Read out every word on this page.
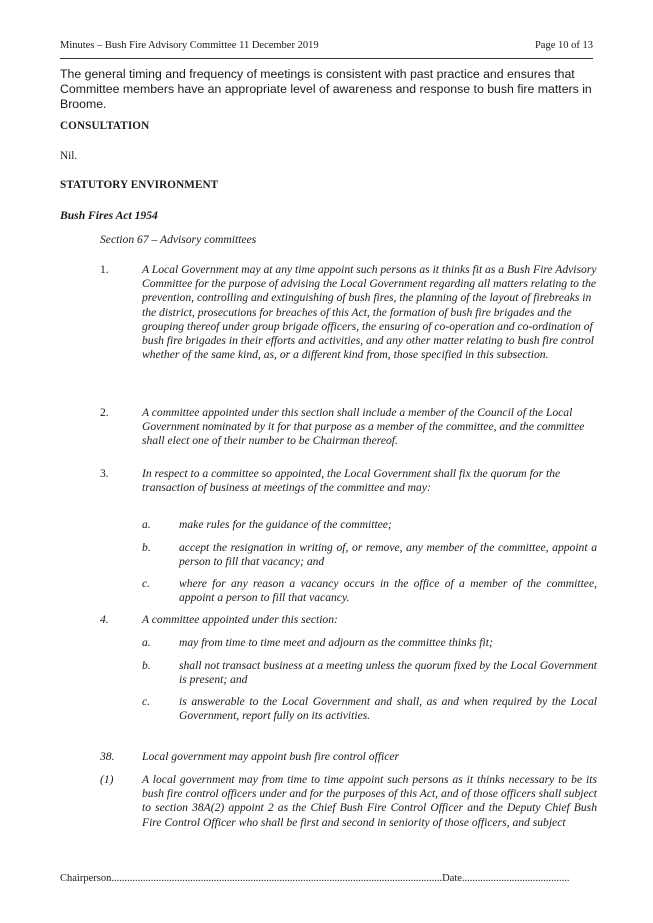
Minutes – Bush Fire Advisory Committee 11 December 2019	Page 10 of 13
The general timing and frequency of meetings is consistent with past practice and ensures that Committee members have an appropriate level of awareness and response to bush fire matters in Broome.
CONSULTATION
Nil.
STATUTORY ENVIRONMENT
Bush Fires Act 1954
Section 67 – Advisory committees
1.	A Local Government may at any time appoint such persons as it thinks fit as a Bush Fire Advisory Committee for the purpose of advising the Local Government regarding all matters relating to the prevention, controlling and extinguishing of bush fires, the planning of the layout of firebreaks in the district, prosecutions for breaches of this Act, the formation of bush fire brigades and the grouping thereof under group brigade officers, the ensuring of co-operation and co-ordination of bush fire brigades in their efforts and activities, and any other matter relating to bush fire control whether of the same kind, as, or a different kind from, those specified in this subsection.
2.	A committee appointed under this section shall include a member of the Council of the Local Government nominated by it for that purpose as a member of the committee, and the committee shall elect one of their number to be Chairman thereof.
3.	In respect to a committee so appointed, the Local Government shall fix the quorum for the transaction of business at meetings of the committee and may:
a. make rules for the guidance of the committee;
b. accept the resignation in writing of, or remove, any member of the committee, appoint a person to fill that vacancy; and
c. where for any reason a vacancy occurs in the office of a member of the committee, appoint a person to fill that vacancy.
4.	A committee appointed under this section:
a. may from time to time meet and adjourn as the committee thinks fit;
b. shall not transact business at a meeting unless the quorum fixed by the Local Government is present; and
c. is answerable to the Local Government and shall, as and when required by the Local Government, report fully on its activities.
38. Local government may appoint bush fire control officer
(1) A local government may from time to time appoint such persons as it thinks necessary to be its bush fire control officers under and for the purposes of this Act, and of those officers shall subject to section 38A(2) appoint 2 as the Chief Bush Fire Control Officer and the Deputy Chief Bush Fire Control Officer who shall be first and second in seniority of those officers, and subject
Chairperson..............................................................................................................................Date.........................................
